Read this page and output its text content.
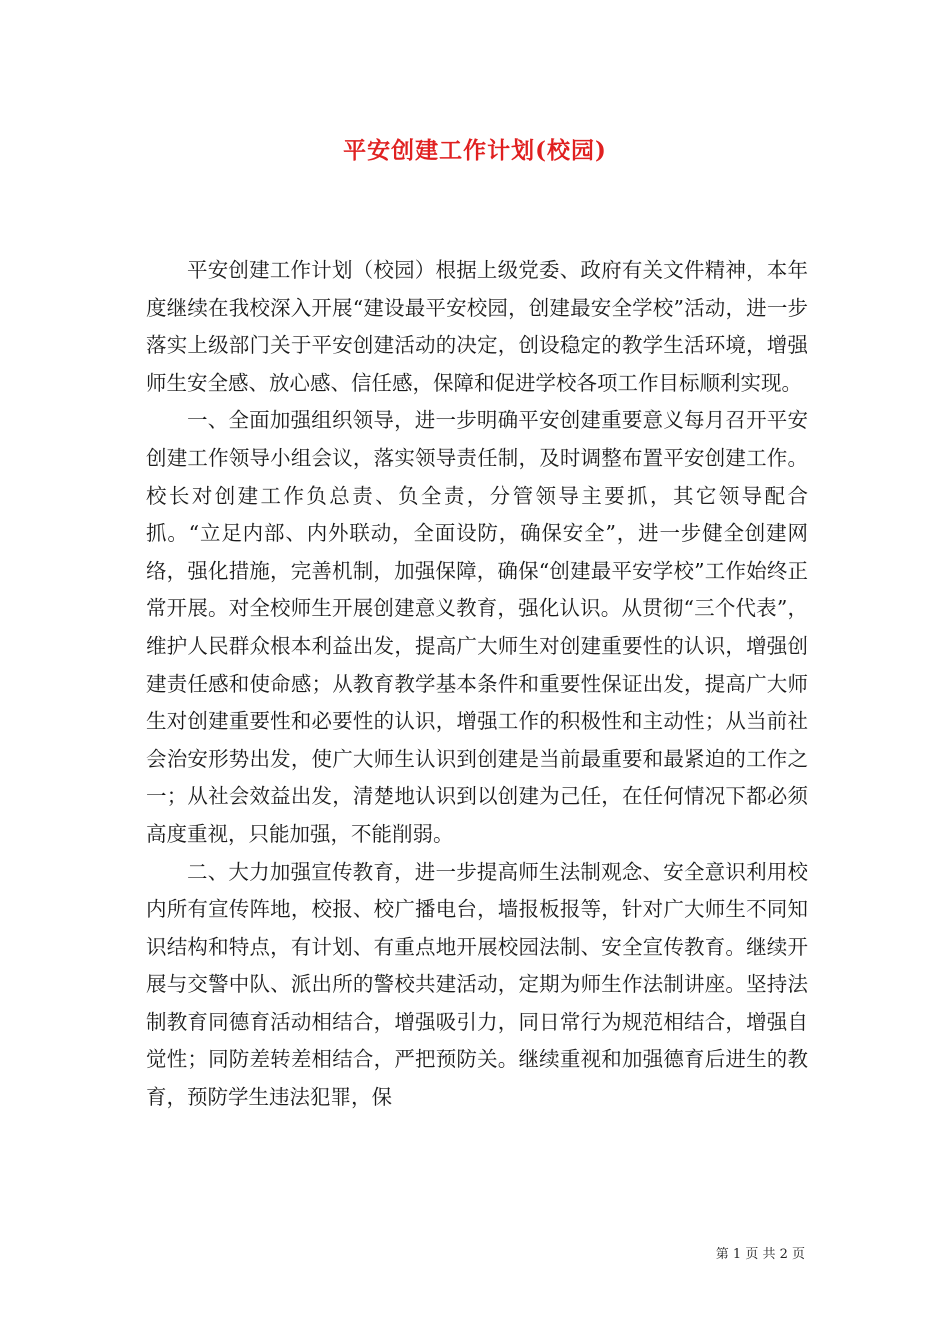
平安创建工作计划(校园)

平安创建工作计划（校园）根据上级党委、政府有关文件精神，本年度继续在我校深入开展“建设最平安校园，创建最安全学校”活动，进一步落实上级部门关于平安创建活动的决定，创设稳定的教学生活环境，增强师生安全感、放心感、信任感，保障和促进学校各项工作目标顺利实现。

一、全面加强组织领导，进一步明确平安创建重要意义每月召开平安创建工作领导小组会议，落实领导责任制，及时调整布置平安创建工作。校长对创建工作负总责、负全责，分管领导主要抓，其它领导配合抓。“立足内部、内外联动，全面设防，确保安全”，进一步健全创建网络，强化措施，完善机制，加强保障，确保“创建最平安学校”工作始终正常开展。对全校师生开展创建意义教育，强化认识。从贯彻“三个代表”，维护人民群众根本利益出发，提高广大师生对创建重要性的认识，增强创建责任感和使命感；从教育教学基本条件和重要性保证出发，提高广大师生对创建重要性和必要性的认识，增强工作的积极性和主动性；从当前社会治安形势出发，使广大师生认识到创建是当前最重要和最紧迫的工作之一；从社会效益出发，清楚地认识到以创建为己任，在任何情况下都必须高度重视，只能加强，不能削弱。

二、大力加强宣传教育，进一步提高师生法制观念、安全意识利用校内所有宣传阵地，校报、校广播电台，墙报板报等，针对广大师生不同知识结构和特点，有计划、有重点地开展校园法制、安全宣传教育。继续开展与交警中队、派出所的警校共建活动，定期为师生作法制讲座。坚持法制教育同德育活动相结合，增强吸引力，同日常行为规范相结合，增强自觉性；同防差转差相结合，严把预防关。继续重视和加强德育后进生的教育，预防学生违法犯罪，保

第 1 页 共 2 页
